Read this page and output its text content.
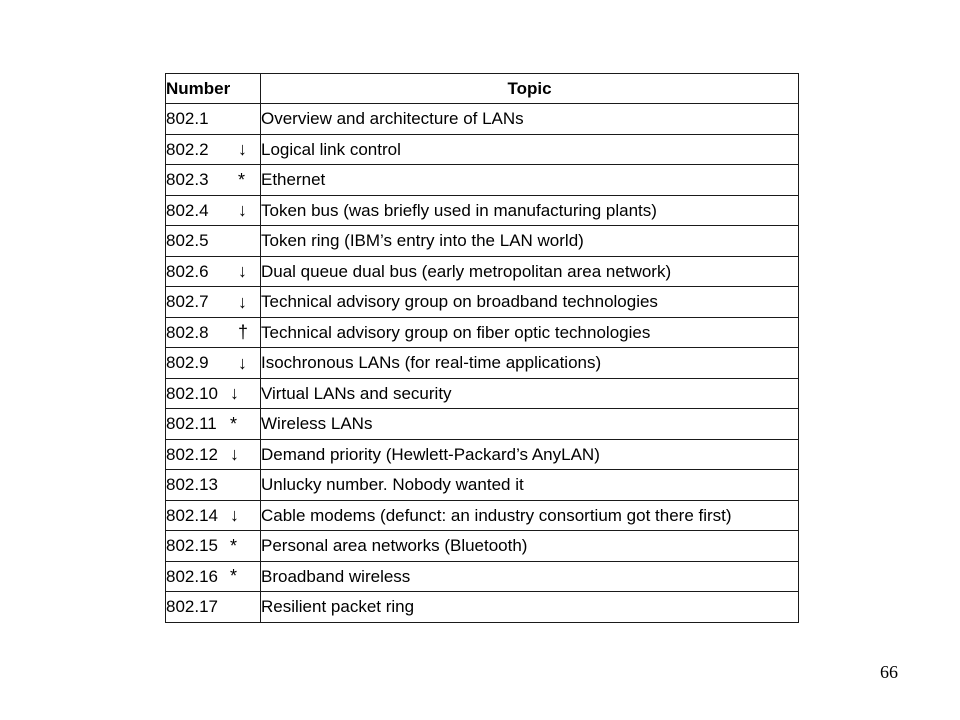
Number	Topic
802.1	Overview and architecture of LANs
802.2 ↓	Logical link control
802.3 *	Ethernet
802.4 ↓	Token bus (was briefly used in manufacturing plants)
802.5	Token ring (IBM’s entry into the LAN world)
802.6 ↓	Dual queue dual bus (early metropolitan area network)
802.7 ↓	Technical advisory group on broadband technologies
802.8 †	Technical advisory group on fiber optic technologies
802.9 ↓	Isochronous LANs (for real-time applications)
802.10 ↓	Virtual LANs and security
802.11 *	Wireless LANs
802.12 ↓	Demand priority (Hewlett-Packard’s AnyLAN)
802.13	Unlucky number. Nobody wanted it
802.14 ↓	Cable modems (defunct: an industry consortium got there first)
802.15 *	Personal area networks (Bluetooth)
802.16 *	Broadband wireless
802.17	Resilient packet ring
66
